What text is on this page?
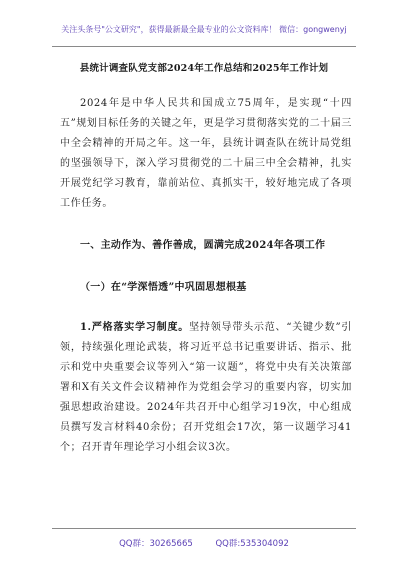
关注头条号"公文研究"，获得最新最全最专业的公文资料库！ 微信：gongwenyj
县统计调查队党支部2024年工作总结和2025年工作计划

2024年是中华人民共和国成立75周年，是实现“十四五”规划目标任务的关键之年，更是学习贯彻落实党的二十届三中全会精神的开局之年。这一年，县统计调查队在统计局党组的坚强领导下，深入学习贯彻党的二十届三中全会精神，扎实开展党纪学习教育，靠前站位、真抓实干，较好地完成了各项工作任务。

一、主动作为、善作善成，圆满完成2024年各项工作
（一）在“学深悟透”中巩固思想根基

1.严格落实学习制度。坚持领导带头示范、“关键少数”引领，持续强化理论武装，将习近平总书记重要讲话、指示、批示和党中央重要会议等列入“第一议题”，将党中央有关决策部署和X有关文件会议精神作为党组会学习的重要内容，切实加强思想政治建设。2024年共召开中心组学习19次，中心组成员撰写发言材料40余份；召开党组会17次，第一议题学习41个；召开青年理论学习小组会议3次。

QQ群：30265665	QQ群:535304092
